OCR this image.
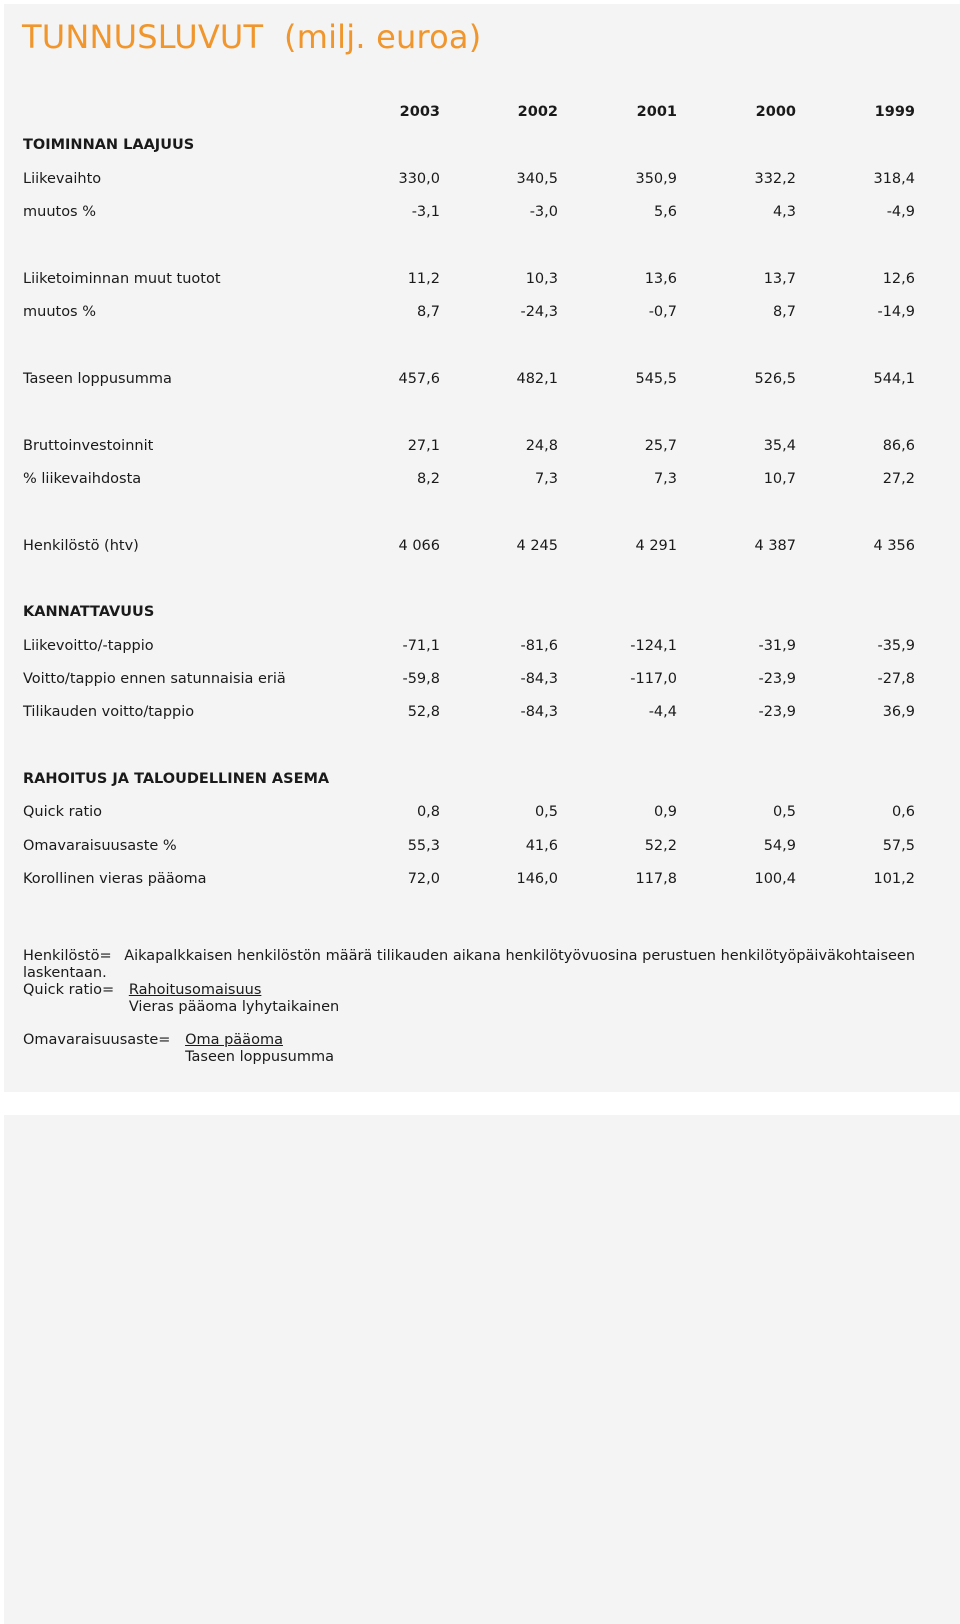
TUNNUSLUVUT  (milj. euroa)
2003	2002	2001	2000	1999
TOIMINNAN LAAJUUS
Liikevaihto	330,0	340,5	350,9	332,2	318,4
muutos %	-3,1	-3,0	5,6	4,3	-4,9
Liiketoiminnan muut tuotot	11,2	10,3	13,6	13,7	12,6
muutos %	8,7	-24,3	-0,7	8,7	-14,9
Taseen loppusumma	457,6	482,1	545,5	526,5	544,1
Bruttoinvestoinnit	27,1	24,8	25,7	35,4	86,6
% liikevaihdosta	8,2	7,3	7,3	10,7	27,2
Henkilöstö (htv)	4 066	4 245	4 291	4 387	4 356
KANNATTAVUUS
Liikevoitto/-tappio	-71,1	-81,6	-124,1	-31,9	-35,9
Voitto/tappio ennen satunnaisia eriä	-59,8	-84,3	-117,0	-23,9	-27,8
Tilikauden voitto/tappio	52,8	-84,3	-4,4	-23,9	36,9
RAHOITUS JA TALOUDELLINEN ASEMA
Quick ratio	0,8	0,5	0,9	0,5	0,6
Omavaraisuusaste %	55,3	41,6	52,2	54,9	57,5
Korollinen vieras pääoma	72,0	146,0	117,8	100,4	101,2
Henkilöstö= Aikapalkkaisen henkilöstön määrä tilikauden aikana henkilötyövuosina perustuen henkilötyöpäiväkohtaiseen laskentaan.
Quick ratio= $\frac{\text{Rahoitusomaisuus}}{\text{Vieras pääoma lyhytaikainen}}$
Omavaraisuusaste= $\frac{\text{Oma pääoma}}{\text{Taseen loppusumma}}$
